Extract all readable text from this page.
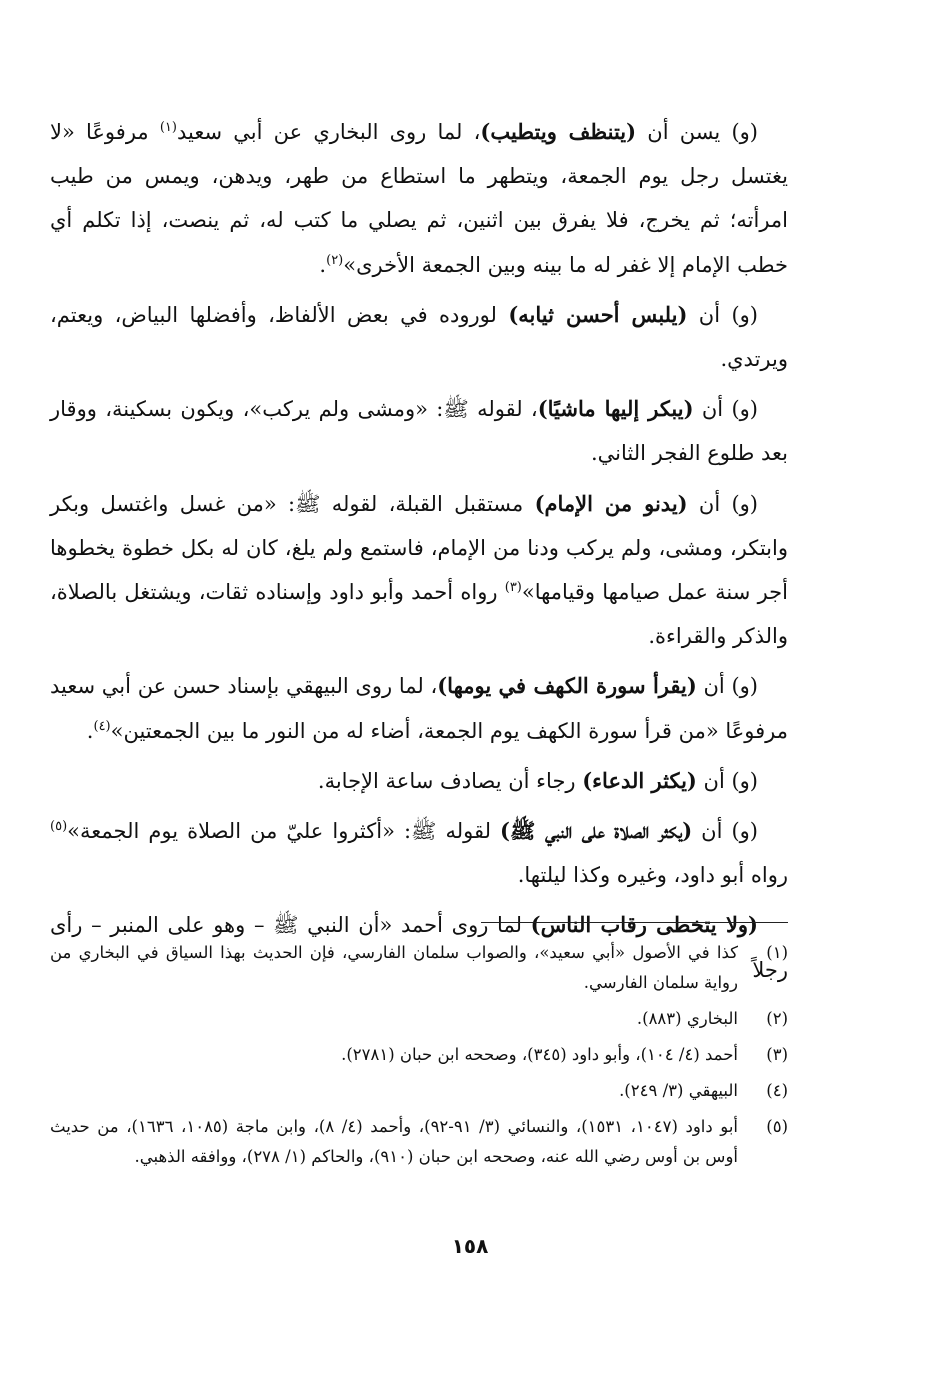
(و) يسن أن (يتنظف ويتطيب)، لما روى البخاري عن أبي سعيد$^{(١)}$ مرفوعًا «لا يغتسل رجل يوم الجمعة، ويتطهر ما استطاع من طهر، ويدهن، ويمس من طيب امرأته؛ ثم يخرج، فلا يفرق بين اثنين، ثم يصلي ما كتب له، ثم ينصت، إذا تكلم أي خطب الإمام إلا غفر له ما بينه وبين الجمعة الأخرى»$^{(٢)}$.

(و) أن (يلبس أحسن ثيابه) لوروده في بعض الألفاظ، وأفضلها البياض، ويعتم، ويرتدي.

(و) أن (يبكر إليها ماشيًا)، لقوله ﷺ: «ومشى ولم يركب»، ويكون بسكينة، ووقار بعد طلوع الفجر الثاني.

(و) أن (يدنو من الإمام) مستقبل القبلة، لقوله ﷺ: «من غسل واغتسل وبكر وابتكر، ومشى، ولم يركب ودنا من الإمام، فاستمع ولم يلغ، كان له بكل خطوة يخطوها أجر سنة عمل صيامها وقيامها»$^{(٣)}$ رواه أحمد وأبو داود وإسناده ثقات، ويشتغل بالصلاة، والذكر والقراءة.

(و) أن (يقرأ سورة الكهف في يومها)، لما روى البيهقي بإسناد حسن عن أبي سعيد مرفوعًا «من قرأ سورة الكهف يوم الجمعة، أضاء له من النور ما بين الجمعتين»$^{(٤)}$.

(و) أن (يكثر الدعاء) رجاء أن يصادف ساعة الإجابة.

(و) أن (يكثر الصلاة على النبي ﷺ) لقوله ﷺ: «أكثروا عليّ من الصلاة يوم الجمعة»$^{(٥)}$ رواه أبو داود، وغيره وكذا ليلتها.

(ولا يتخطى رقاب الناس) لما روى أحمد «أن النبي ﷺ – وهو على المنبر – رأى رجلاً

(١)
كذا في الأصول «أبي سعيد»، والصواب سلمان الفارسي، فإن الحديث بهذا السياق في البخاري من رواية سلمان الفارسي.
(٢)
البخاري (٨٨٣).
(٣)
أحمد (٤/ ١٠٤)، وأبو داود (٣٤٥)، وصححه ابن حبان (٢٧٨١).
(٤)
البيهقي (٣/ ٢٤٩).
(٥)
أبو داود (١٠٤٧، ١٥٣١)، والنسائي (٣/ ٩١-٩٢)، وأحمد (٤/ ٨)، وابن ماجة (١٠٨٥، ١٦٣٦)، من حديث أوس بن أوس رضي الله عنه، وصححه ابن حبان (٩١٠)، والحاكم (١/ ٢٧٨)، ووافقه الذهبي.
١٥٨
